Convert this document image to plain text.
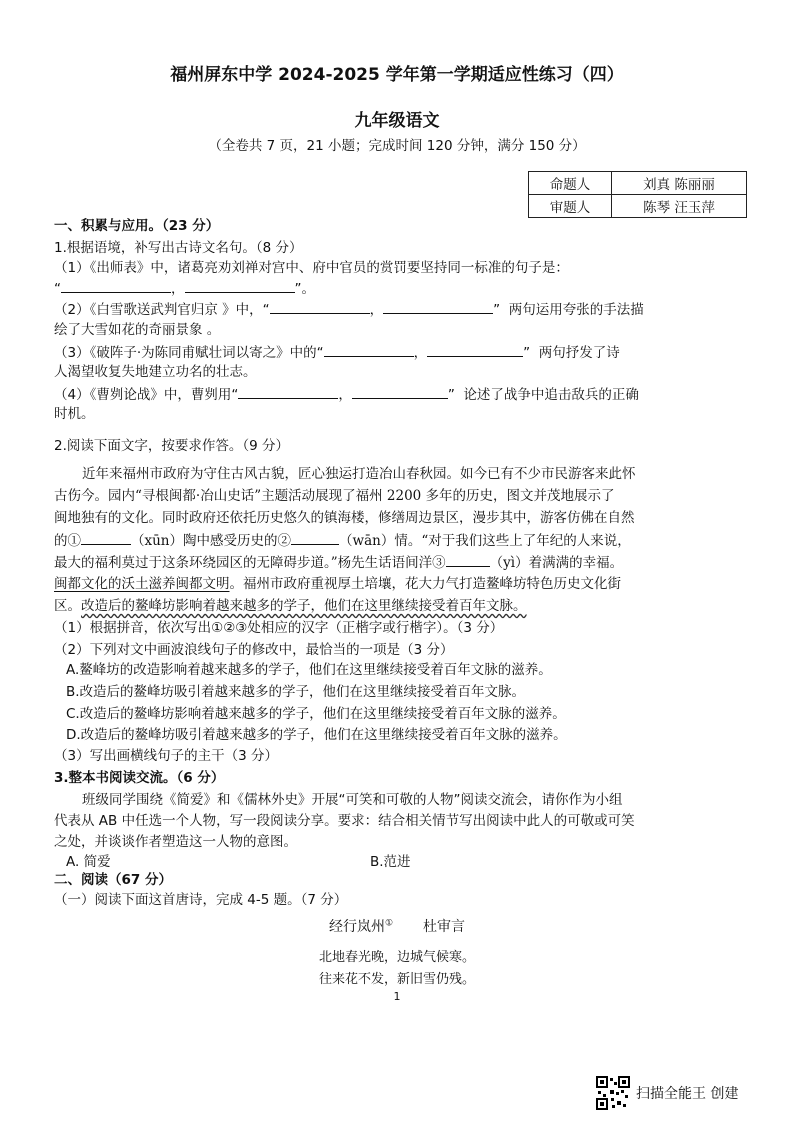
福州屏东中学 2024-2025 学年第一学期适应性练习（四）
九年级语文
（全卷共 7 页，21 小题；完成时间 120 分钟，满分 150 分）
命题人	刘真 陈丽丽
审题人	陈琴 汪玉萍
一、积累与应用。（23 分）
1.根据语境，补写出古诗文名句。（8 分）
（1）《出师表》中，诸葛亮劝刘禅对宫中、府中官员的赏罚要坚持同一标准的句子是：
“	，	”。
（2）《白雪歌送武判官归京 》中，“	，	”  两句运用夸张的手法描
绘了大雪如花的奇丽景象 。
（3）《破阵子·为陈同甫赋壮词以寄之》中的“	，	”  两句抒发了诗
人渴望收复失地建立功名的壮志。
（4）《曹刿论战》中，曹刿用“	，	”  论述了战争中追击敌兵的正确
时机。
2.阅读下面文字，按要求作答。（9 分）
近年来福州市政府为守住古风古貌，匠心独运打造冶山春秋园。如今已有不少市民游客来此怀
古伤今。园内“寻根闽都·冶山史话”主题活动展现了福州 2200 多年的历史，图文并茂地展示了
闽地独有的文化。同时政府还依托历史悠久的镇海楼，修缮周边景区，漫步其中，游客仿佛在自然
的①	（xūn）陶中感受历史的②	（wān）情。“对于我们这些上了年纪的人来说，
最大的福利莫过于这条环绕园区的无障碍步道。”杨先生话语间洋③	（yì）着满满的幸福。
闽都文化的沃土滋养闽都文明。福州市政府重视厚土培壤，花大力气打造鳌峰坊特色历史文化街
区。改造后的鳌峰坊影响着越来越多的学子，他们在这里继续接受着百年文脉。
（1）根据拼音，依次写出①②③处相应的汉字（正楷字或行楷字）。（3 分）
（2）下列对文中画波浪线句子的修改中，最恰当的一项是（3 分）
A.鳌峰坊的改造影响着越来越多的学子，他们在这里继续接受着百年文脉的滋养。
B.改造后的鳌峰坊吸引着越来越多的学子，他们在这里继续接受着百年文脉。
C.改造后的鳌峰坊影响着越来越多的学子，他们在这里继续接受着百年文脉的滋养。
D.改造后的鳌峰坊吸引着越来越多的学子，他们在这里继续接受着百年文脉的滋养。
（3）写出画横线句子的主干（3 分）
3.整本书阅读交流。（6 分）
班级同学围绕《简爱》和《儒林外史》开展“可笑和可敬的人物”阅读交流会，请你作为小组
代表从 AB 中任选一个人物，写一段阅读分享。要求：结合相关情节写出阅读中此人的可敬或可笑
之处，并谈谈作者塑造这一人物的意图。
A. 简爱	B.范进
二、阅读（67 分）
（一）阅读下面这首唐诗，完成 4-5 题。（7 分）
经行岚州① 杜审言
北地春光晚，边城气候寒。
往来花不发，新旧雪仍残。
1
扫描全能王 创建
